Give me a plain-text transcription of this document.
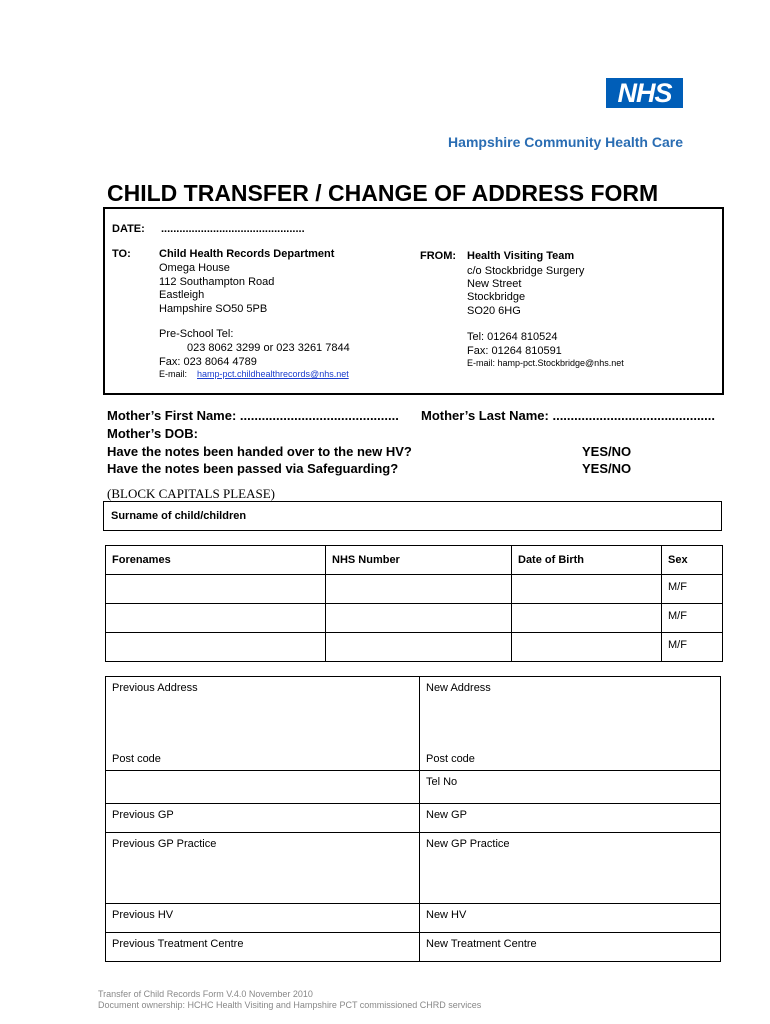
NHS
Hampshire Community Health Care
CHILD TRANSFER / CHANGE OF ADDRESS FORM
DATE: ...............................................
TO:	Child Health Records Department
Omega House
112 Southampton Road
Eastleigh
Hampshire SO50 5PB
Pre-School Tel:
023 8062 3299 or 023 3261 7844
Fax: 023 8064 4789
E-mail: hamp-pct.childhealthrecords@nhs.net
FROM: Health Visiting Team
c/o Stockbridge Surgery
New Street
Stockbridge
SO20 6HG
Tel: 01264 810524
Fax: 01264 810591
E-mail: hamp-pct.Stockbridge@nhs.net
Mother’s First Name: ............................................ Mother’s Last Name: .............................................
Mother’s DOB:
Have the notes been handed over to the new HV?	YES/NO
Have the notes been passed via Safeguarding?	YES/NO
(BLOCK CAPITALS PLEASE)
Surname of child/children
Forenames	NHS Number	Date of Birth	Sex
			M/F
			M/F
			M/F
Previous Address	New Address
Post code	Post code
	Tel No
Previous GP	New GP
Previous GP Practice	New GP Practice
Previous HV	New HV
Previous Treatment Centre	New Treatment Centre
Transfer of Child Records Form V.4.0 November 2010
Document ownership: HCHC Health Visiting and Hampshire PCT commissioned CHRD services
